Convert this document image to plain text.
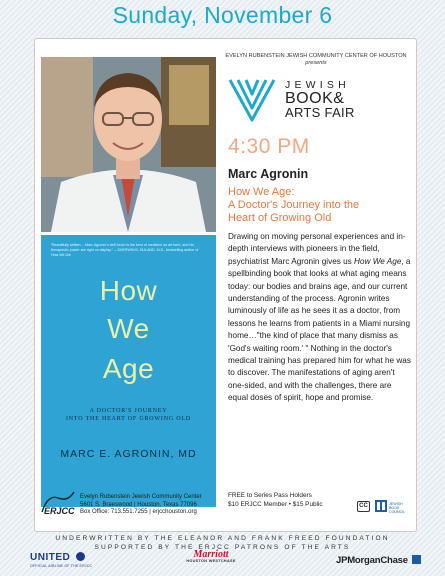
Sunday, November 6
"Beautifully written… Marc Agronin's deft touch is the best of medicine as art form, and his therapeutic power are right on display." —SHERWIN B. NULAND, M.D., bestselling author of How We Die
How
We
Age
A DOCTOR'S JOURNEY
INTO THE HEART OF GROWING OLD
MARC E. AGRONIN, MD
EVELYN RUBENSTEIN JEWISH COMMUNITY CENTER OF HOUSTON
presents
JEWISH
BOOK&
ARTS FAIR
4:30 PM
Marc Agronin
How We Age:
A Doctor's Journey into the
Heart of Growing Old
Drawing on moving personal experiences and in-depth interviews with pioneers in the field, psychiatrist Marc Agronin gives us How We Age, a spellbinding book that looks at what aging means today: our bodies and brains age, and our current understanding of the process. Agronin writes luminously of life as he sees it as a doctor, from lessons he learns from patients in a Miami nursing home…"the kind of place that many dismiss as 'God's waiting room.' " Nothing in the doctor's medical training has prepared him for what he was to discover. The manifestations of aging aren't one-sided, and with the challenges, there are equal doses of spirit, hope and promise.
FREE to Series Pass Holders
$10 ERJCC Member • $15 Public	CC	JEWISH
BOOK
COUNCIL
ERJCC
Evelyn Rubenstein Jewish Community Center
5601 S. Braeswood | Houston, Texas 77096
Box Office: 713.551.7255 | erjcchouston.org
UNDERWRITTEN BY THE ELEANOR AND FRANK FREED FOUNDATION
SUPPORTED BY THE ERJCC PATRONS OF THE ARTS
UNITED
OFFICIAL AIRLINE OF THE ERJCC
Marriott
HOUSTON WESTCHASE	JPMorganChase
